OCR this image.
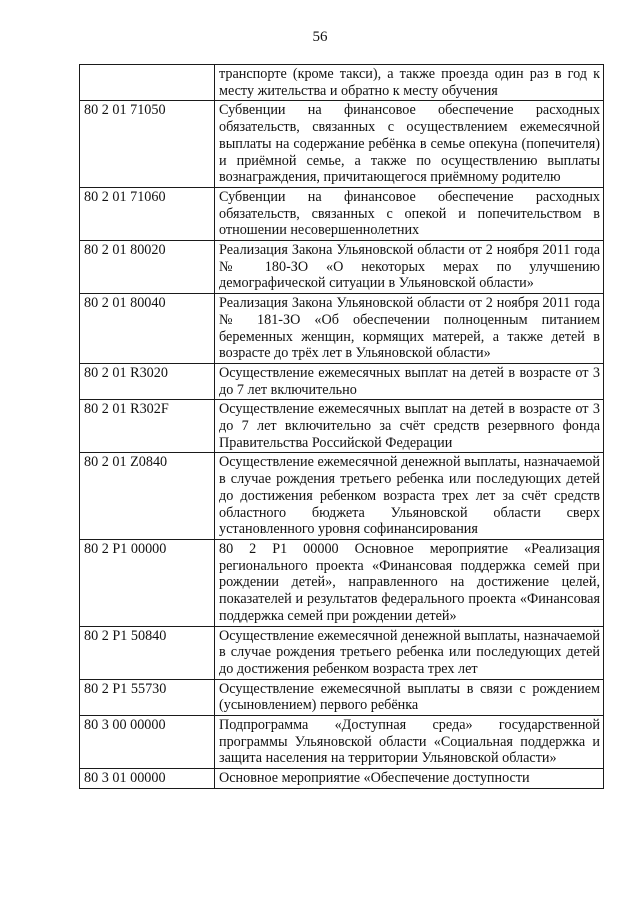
56
	транспорте (кроме такси), а также проезда один раз в год к месту жительства и обратно к месту обучения
80 2 01 71050	Субвенции на финансовое обеспечение расходных обязательств, связанных с осуществлением ежемесячной выплаты на содержание ребёнка в семье опекуна (попечителя) и приёмной семье, а также по осуществлению выплаты вознаграждения, причитающегося приёмному родителю
80 2 01 71060	Субвенции на финансовое обеспечение расходных обязательств, связанных с опекой и попечительством в отношении несовершеннолетних
80 2 01 80020	Реализация Закона Ульяновской области от 2 ноября 2011 года № 180-ЗО «О некоторых мерах по улучшению демографической ситуации в Ульяновской области»
80 2 01 80040	Реализация Закона Ульяновской области от 2 ноября 2011 года № 181-ЗО «Об обеспечении полноценным питанием беременных женщин, кормящих матерей, а также детей в возрасте до трёх лет в Ульяновской области»
80 2 01 R3020	Осуществление ежемесячных выплат на детей в возрасте от 3 до 7 лет включительно
80 2 01 R302F	Осуществление ежемесячных выплат на детей в возрасте от 3 до 7 лет включительно за счёт средств резервного фонда Правительства Российской Федерации
80 2 01 Z0840	Осуществление ежемесячной денежной выплаты, назначаемой в случае рождения третьего ребенка или последующих детей до достижения ребенком возраста трех лет за счёт средств областного бюджета Ульяновской области сверх установленного уровня софинансирования
80 2 P1 00000	80 2 P1 00000 Основное мероприятие «Реализация регионального проекта «Финансовая поддержка семей при рождении детей», направленного на достижение целей, показателей и результатов федерального проекта «Финансовая поддержка семей при рождении детей»
80 2 P1 50840	Осуществление ежемесячной денежной выплаты, назначаемой в случае рождения третьего ребенка или последующих детей до достижения ребенком возраста трех лет
80 2 P1 55730	Осуществление ежемесячной выплаты в связи с рождением (усыновлением) первого ребёнка
80 3 00 00000	Подпрограмма «Доступная среда» государственной программы Ульяновской области «Социальная поддержка и защита населения на территории Ульяновской области»
80 3 01 00000	Основное мероприятие «Обеспечение доступности
